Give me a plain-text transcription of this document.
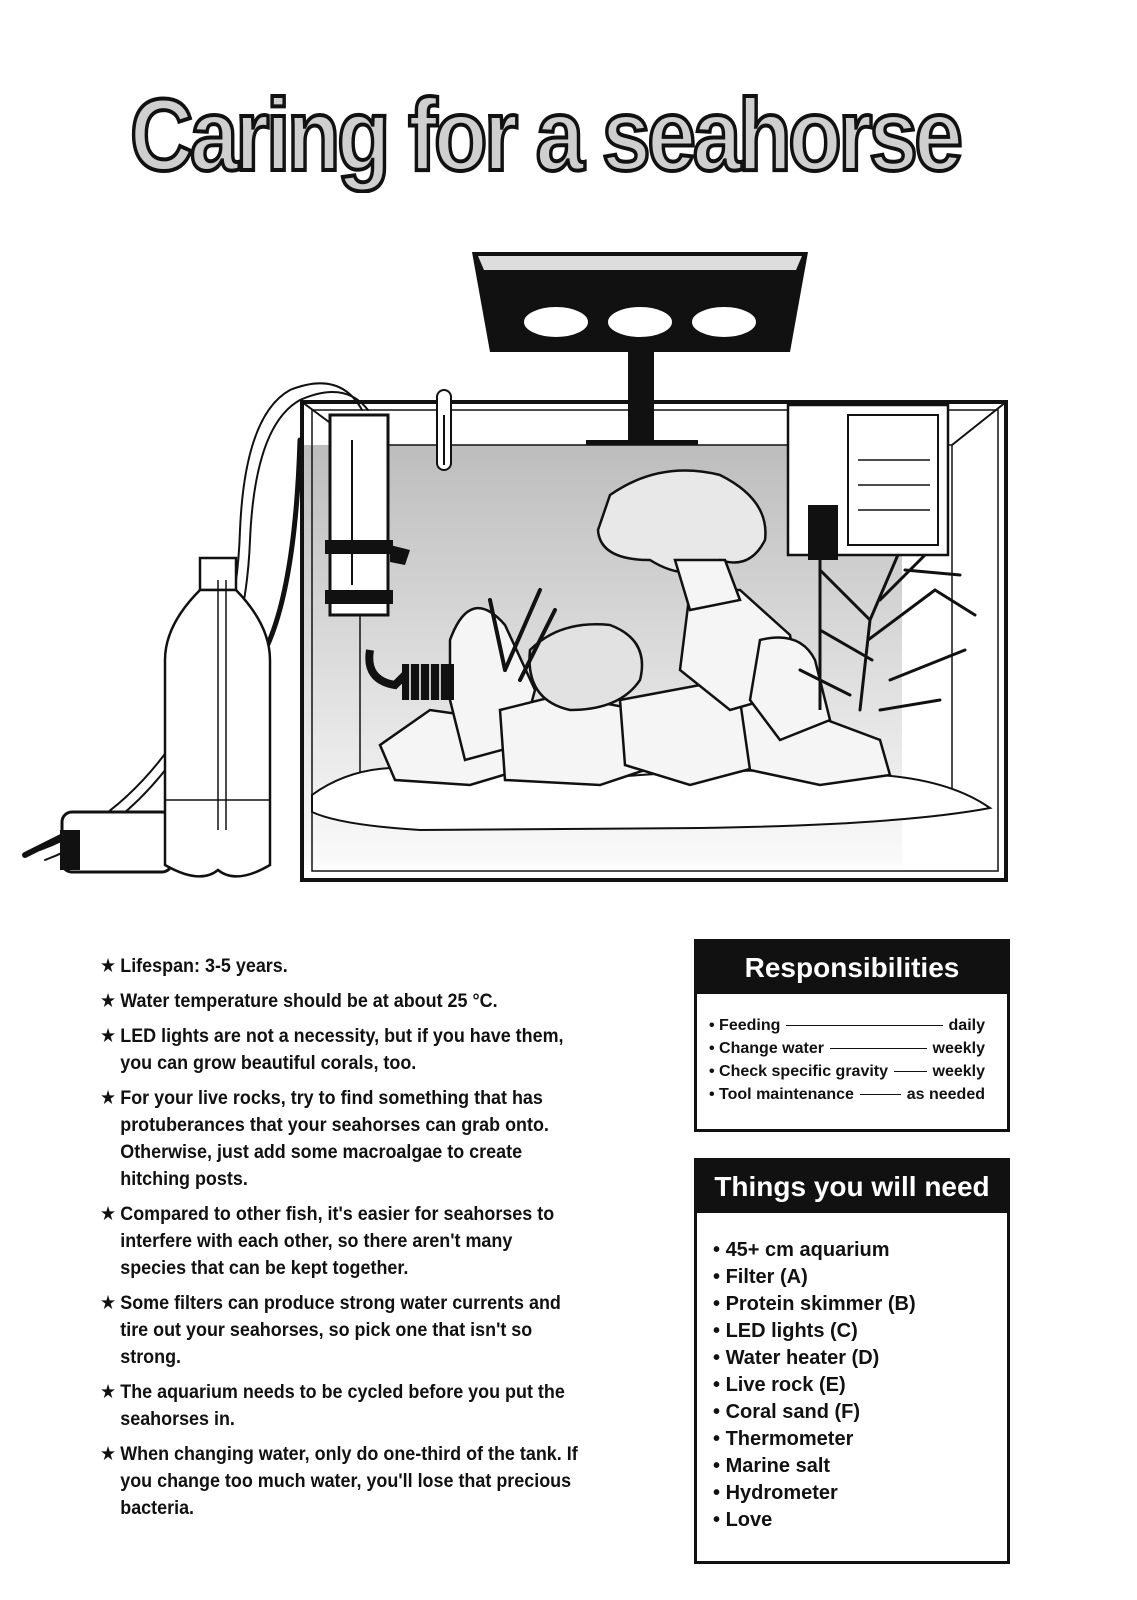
Caring for a seahorse
★ Lifespan: 3-5 years.
★ Water temperature should be at about 25 °C.
★ LED lights are not a necessity, but if you have them, you can grow beautiful corals, too.
★ For your live rocks, try to find something that has protuberances that your seahorses can grab onto. Otherwise, just add some macroalgae to create hitching posts.
★ Compared to other fish, it's easier for seahorses to interfere with each other, so there aren't many species that can be kept together.
★ Some filters can produce strong water currents and tire out your seahorses, so pick one that isn't so strong.
★ The aquarium needs to be cycled before you put the seahorses in.
★ When changing water, only do one-third of the tank. If you change too much water, you'll lose that precious bacteria.
Responsibilities
• Feeding	daily
• Change water	weekly
• Check specific gravity	weekly
• Tool maintenance	as needed
Things you will need
• 45+ cm aquarium
• Filter (A)
• Protein skimmer (B)
• LED lights (C)
• Water heater (D)
• Live rock (E)
• Coral sand (F)
• Thermometer
• Marine salt
• Hydrometer
• Love
